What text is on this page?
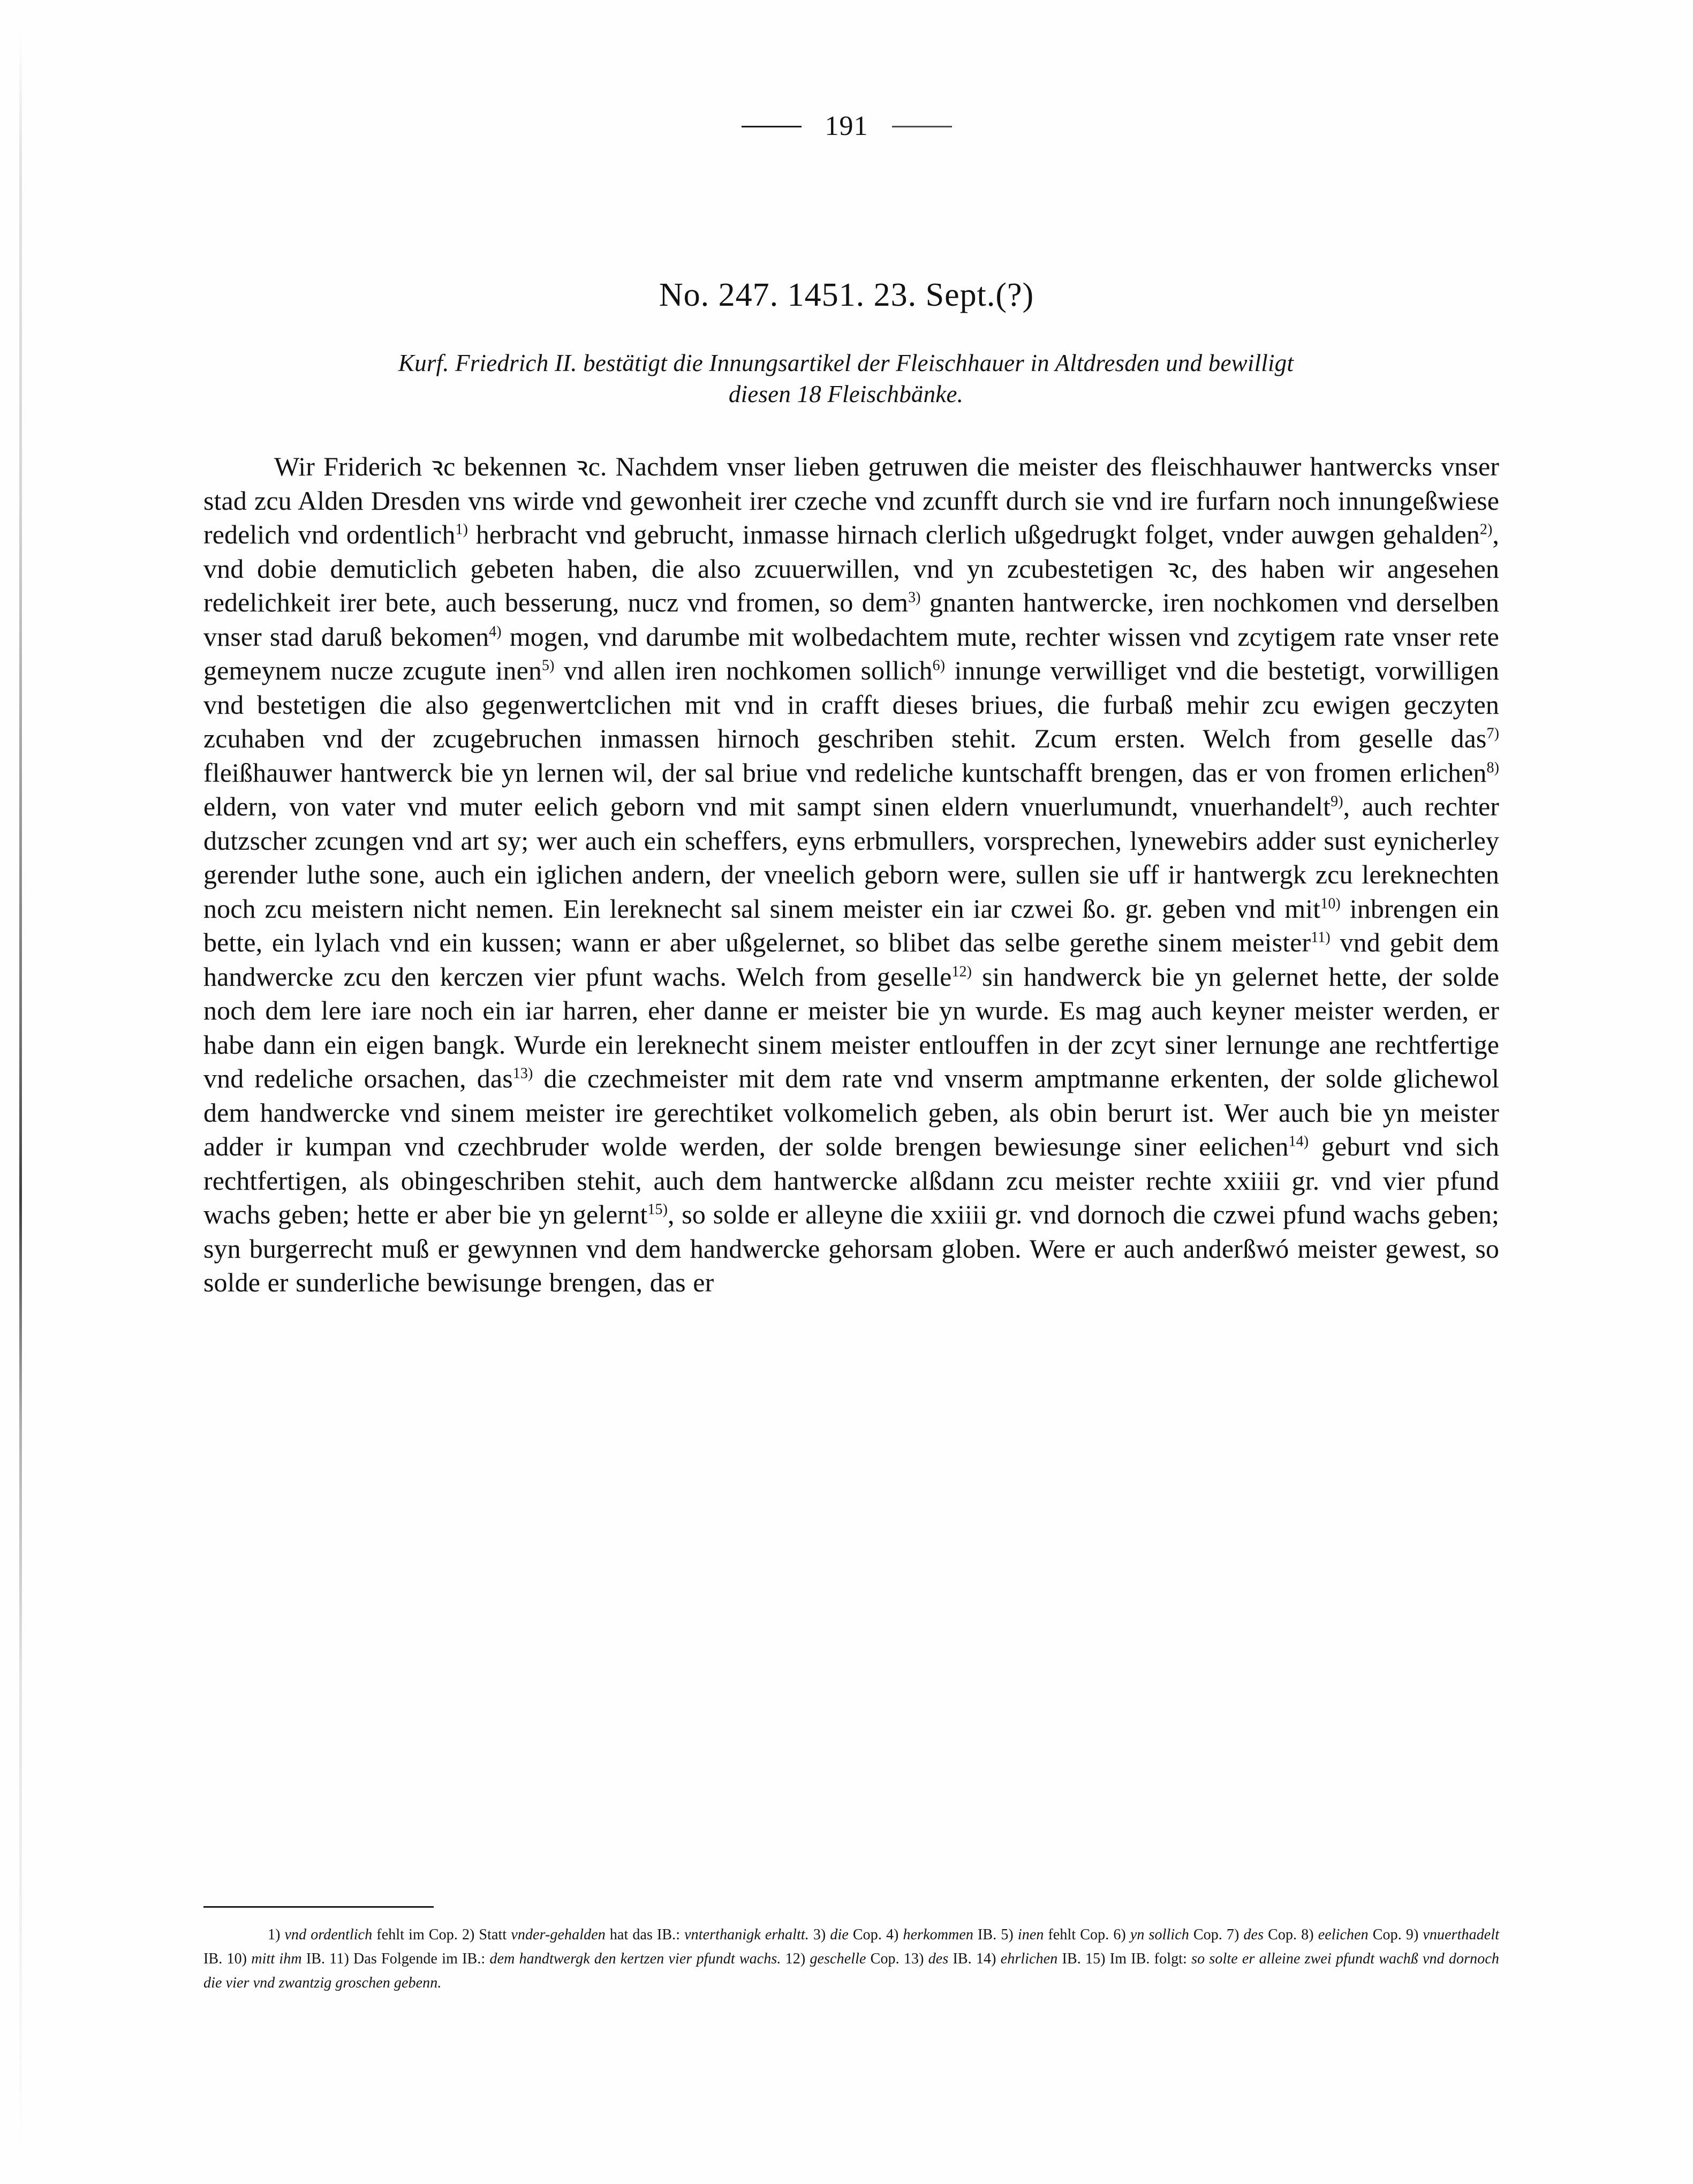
191
No. 247. 1451. 23. Sept.(?)
Kurf. Friedrich II. bestätigt die Innungsartikel der Fleischhauer in Altdresden und bewilligt
diesen 18 Fleischbänke.
Wir Friderich ꝛc bekennen ꝛc. Nachdem vnser lieben getruwen die meister des fleischhauwer hantwercks vnser stad zcu Alden Dresden vns wirde vnd gewonheit irer czeche vnd zcunfft durch sie vnd ire furfarn noch innungeßwiese redelich vnd ordentlich$^{1)}$ herbracht vnd gebrucht, inmasse hirnach clerlich ußgedrugkt folget, vnder auwgen gehalden$^{2)}$, vnd dobie demuticlich gebeten haben, die also zcuuerwillen, vnd yn zcubestetigen ꝛc, des haben wir angesehen redelichkeit irer bete, auch besserung, nucz vnd fromen, so dem$^{3)}$ gnanten hantwercke, iren nochkomen vnd derselben vnser stad daruß bekomen$^{4)}$ mogen, vnd darumbe mit wolbedachtem mute, rechter wissen vnd zcytigem rate vnser rete gemeynem nucze zcugute inen$^{5)}$ vnd allen iren nochkomen sollich$^{6)}$ innunge verwilliget vnd die bestetigt, vorwilligen vnd bestetigen die also gegenwertclichen mit vnd in crafft dieses briues, die furbaß mehir zcu ewigen geczyten zcuhaben vnd der zcugebruchen inmassen hirnoch geschriben stehit. Zcum ersten. Welch from geselle das$^{7)}$ fleißhauwer hantwerck bie yn lernen wil, der sal briue vnd redeliche kuntschafft brengen, das er von fromen erlichen$^{8)}$ eldern, von vater vnd muter eelich geborn vnd mit sampt sinen eldern vnuerlumundt, vnuerhandelt$^{9)}$, auch rechter dutzscher zcungen vnd art sy; wer auch ein scheffers, eyns erbmullers, vorsprechen, lynewebirs adder sust eynicherley gerender luthe sone, auch ein iglichen andern, der vneelich geborn were, sullen sie uff ir hantwergk zcu lereknechten noch zcu meistern nicht nemen. Ein lereknecht sal sinem meister ein iar czwei ßo. gr. geben vnd mit$^{10)}$ inbrengen ein bette, ein lylach vnd ein kussen; wann er aber ußgelernet, so blibet das selbe gerethe sinem meister$^{11)}$ vnd gebit dem handwercke zcu den kerczen vier pfunt wachs. Welch from geselle$^{12)}$ sin handwerck bie yn gelernet hette, der solde noch dem lere iare noch ein iar harren, eher danne er meister bie yn wurde. Es mag auch keyner meister werden, er habe dann ein eigen bangk. Wurde ein lereknecht sinem meister entlouffen in der zcyt siner lernunge ane rechtfertige vnd redeliche orsachen, das$^{13)}$ die czechmeister mit dem rate vnd vnserm amptmanne erkenten, der solde glichewol dem handwercke vnd sinem meister ire gerechtiket volkomelich geben, als obin berurt ist. Wer auch bie yn meister adder ir kumpan vnd czechbruder wolde werden, der solde brengen bewiesunge siner eelichen$^{14)}$ geburt vnd sich rechtfertigen, als obingeschriben stehit, auch dem hantwercke alßdann zcu meister rechte xxiiii gr. vnd vier pfund wachs geben; hette er aber bie yn gelernt$^{15)}$, so solde er alleyne die xxiiii gr. vnd dornoch die czwei pfund wachs geben; syn burgerrecht muß er gewynnen vnd dem handwercke gehorsam globen. Were er auch anderßwó meister gewest, so solde er sunderliche bewisunge brengen, das er
1) vnd ordentlich fehlt im Cop. 2) Statt vnder-gehalden hat das IB.: vnterthanigk erhaltt. 3) die Cop. 4) herkommen IB. 5) inen fehlt Cop. 6) yn sollich Cop. 7) des Cop. 8) eelichen Cop. 9) vnuerthadelt IB. 10) mitt ihm IB. 11) Das Folgende im IB.: dem handtwergk den kertzen vier pfundt wachs. 12) geschelle Cop. 13) des IB. 14) ehrlichen IB. 15) Im IB. folgt: so solte er alleine zwei pfundt wachß vnd dornoch die vier vnd zwantzig groschen gebenn.
